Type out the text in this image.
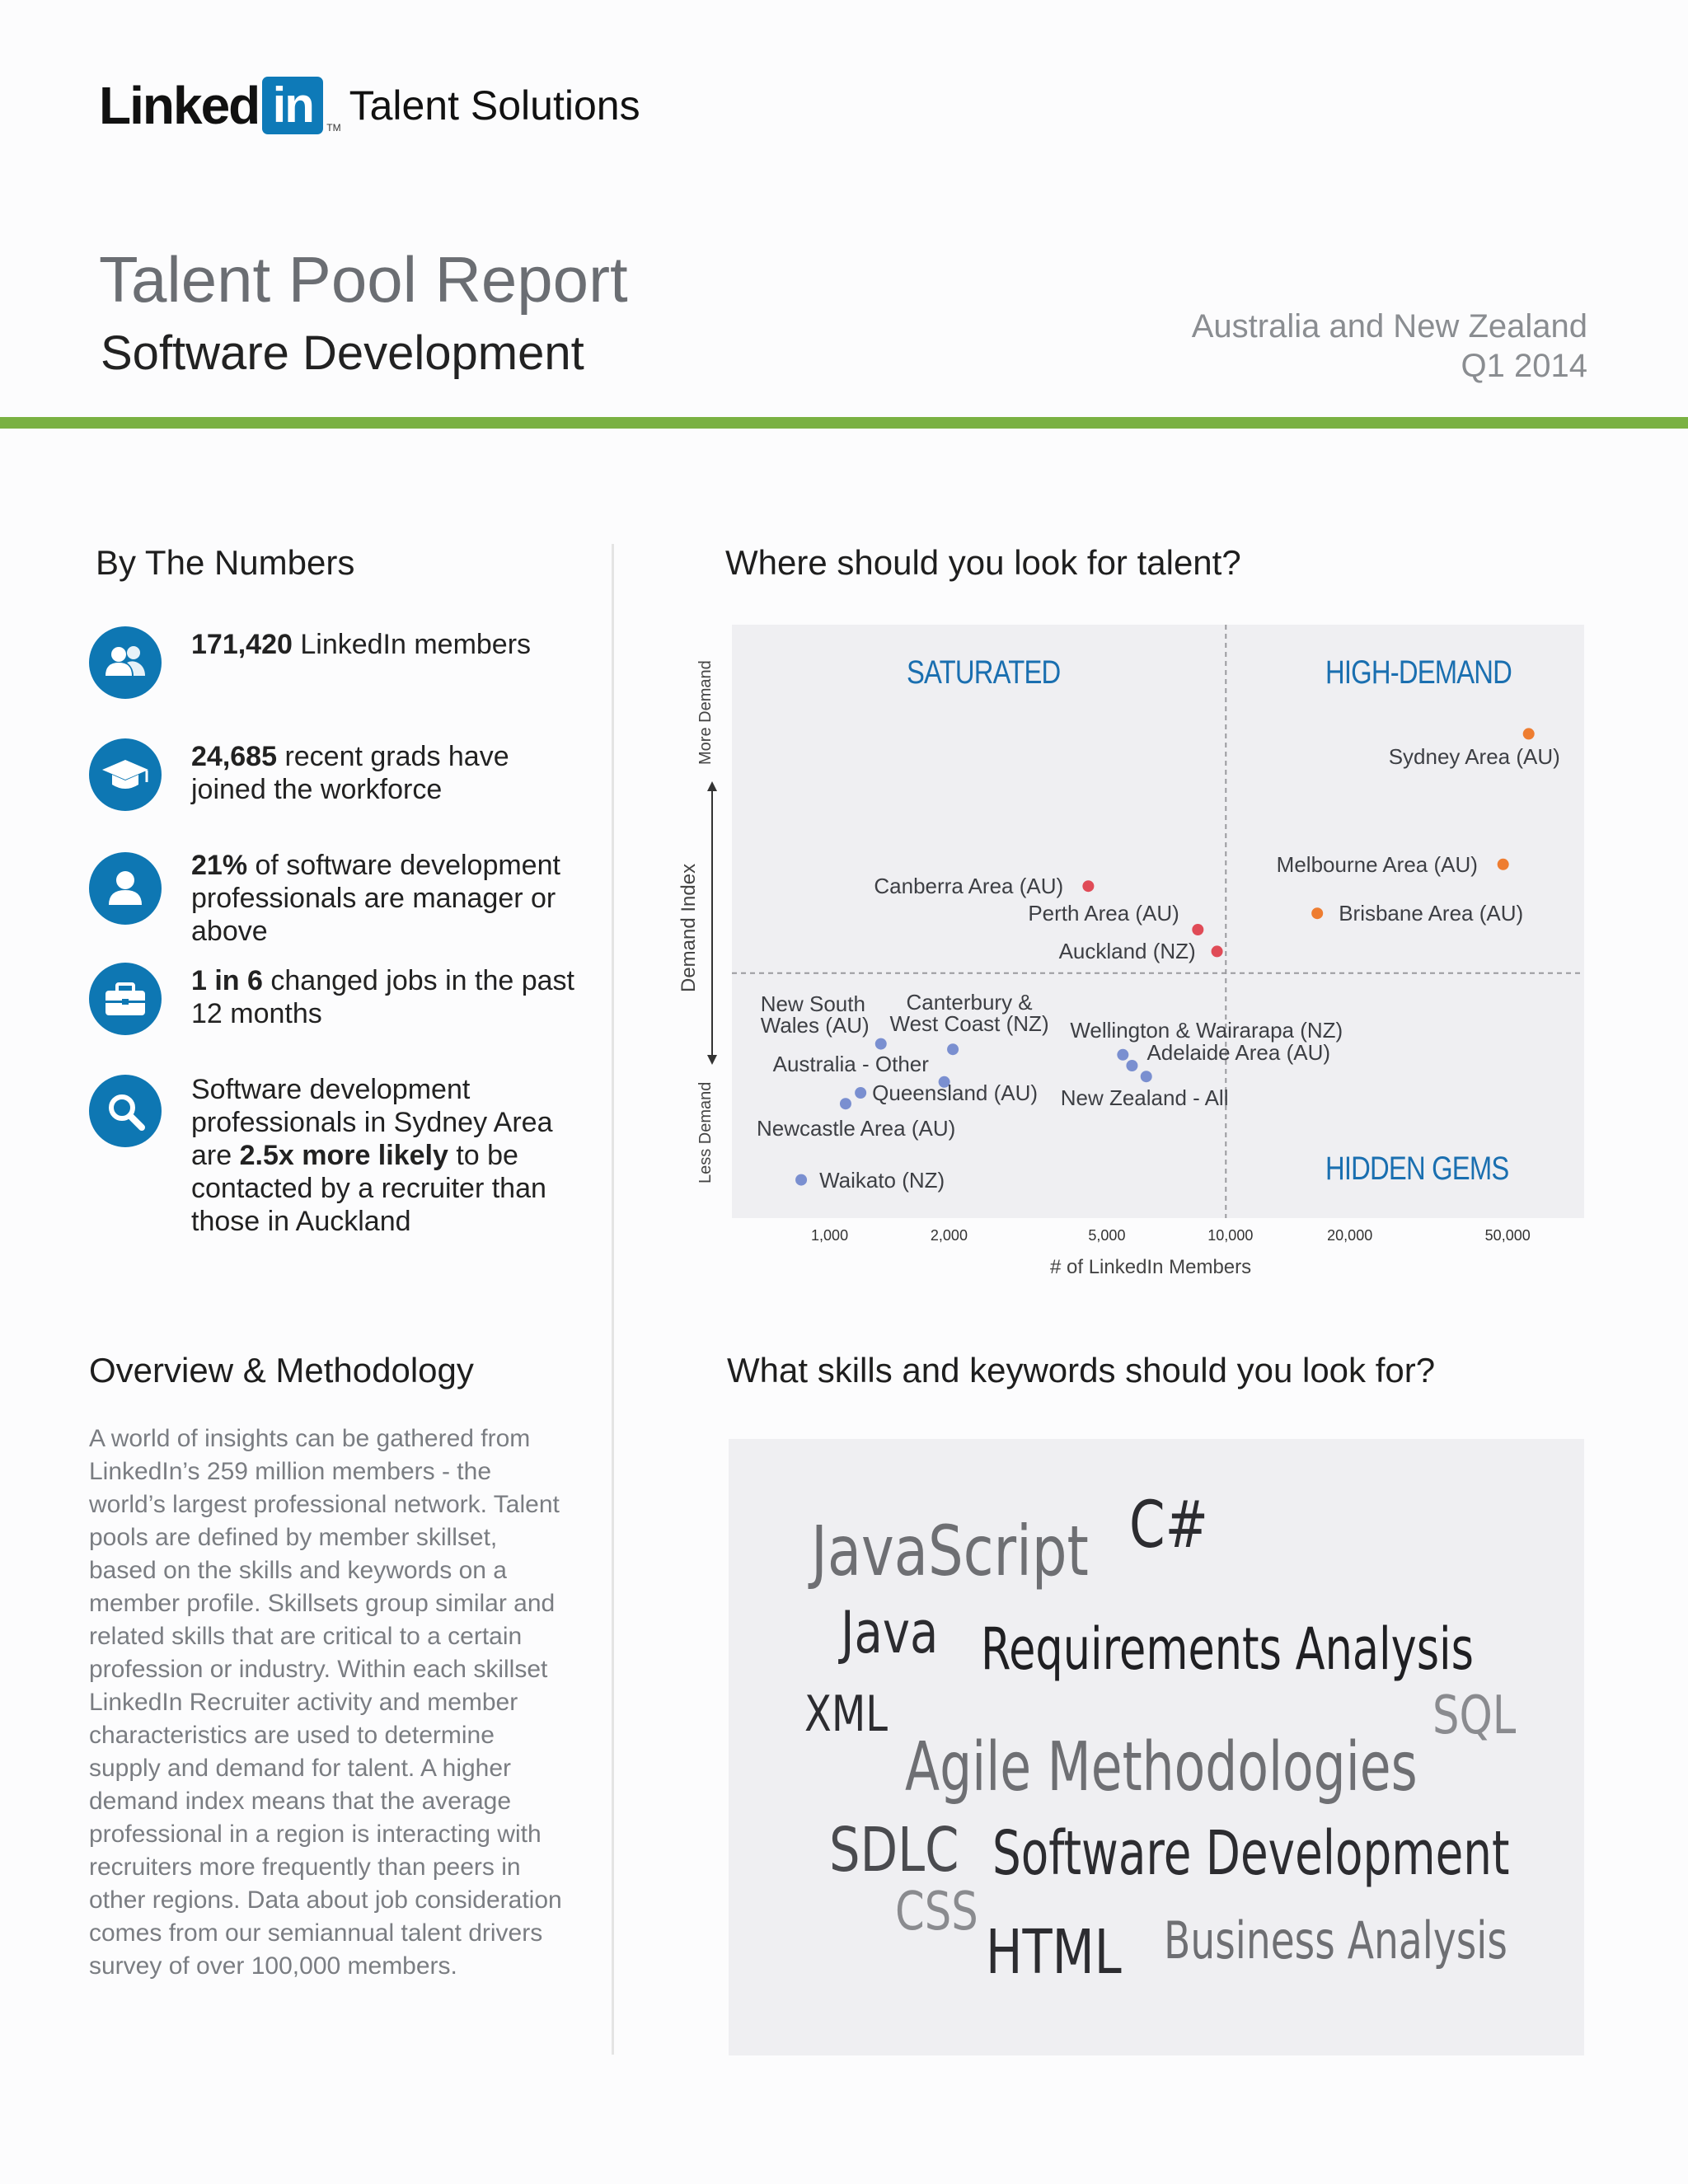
Linked in	TM Talent Solutions
Talent Pool Report
Software Development	Australia and New Zealand
Q1 2014
By The Numbers
171,420 LinkedIn members
24,685 recent grads have joined the workforce
21% of software development professionals are manager or above
1 in 6 changed jobs in the past 12 months
Software development professionals in Sydney Area are 2.5x more likely to be contacted by a recruiter than those in Auckland
Overview & Methodology
A world of insights can be gathered from LinkedIn’s 259 million members - the world’s largest professional network. Talent pools are defined by member skillset, based on the skills and keywords on a member profile. Skillsets group similar and related skills that are critical to a certain profession or industry. Within each skillset LinkedIn Recruiter activity and member characteristics are used to determine supply and demand for talent. A higher demand index means that the average professional in a region is interacting with recruiters more frequently than peers in other regions. Data about job consideration comes from our semiannual talent drivers survey of over 100,000 members.
Where should you look for talent?
SATURATED	HIGH-DEMAND
HIDDEN GEMS
More Demand
Demand Index
Less Demand
# of LinkedIn Members
Sydney Area (AU)
Melbourne Area (AU)
Brisbane Area (AU)
Canberra Area (AU)
Perth Area (AU)
Auckland (NZ)
New South Wales (AU)
Canterbury & West Coast (NZ)
Australia - Other
Queensland (AU)
Newcastle Area (AU)
Wellington & Wairarapa (NZ)
Adelaide Area (AU)
New Zealand - All
Waikato (NZ)
1,000	2,000	5,000	10,000	20,000	50,000
What skills and keywords should you look for?
JavaScript C#
Java Requirements Analysis
XML	SQL
Agile Methodologies
SDLC Software Development
CSS
HTML Business Analysis
